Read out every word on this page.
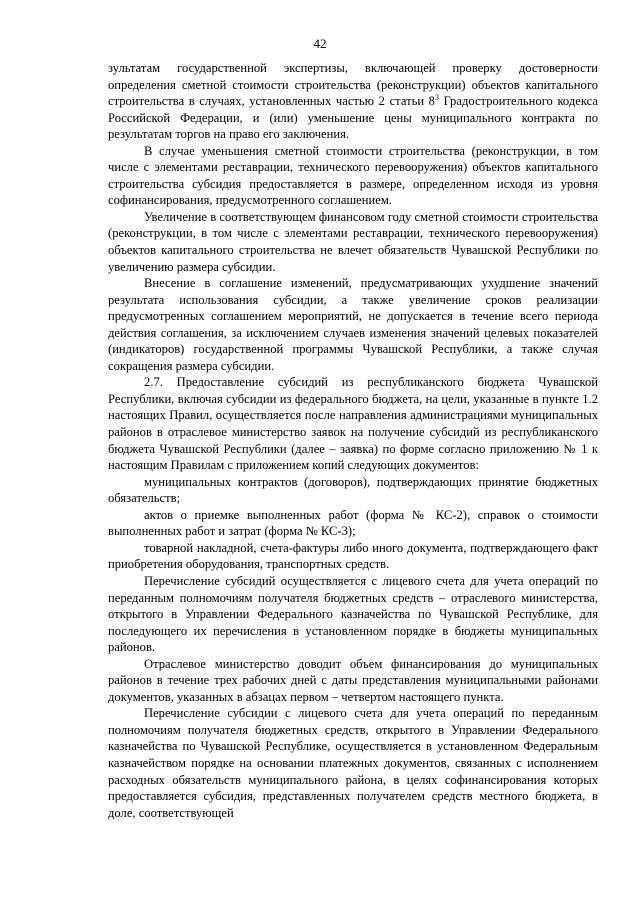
42

зультатам государственной экспертизы, включающей проверку достоверности определения сметной стоимости строительства (реконструкции) объектов капитального строительства в случаях, установленных частью 2 статьи $8^3$ Градостроительного кодекса Российской Федерации, и (или) уменьшение цены муниципального контракта по результатам торгов на право его заключения.

В случае уменьшения сметной стоимости строительства (реконструкции, в том числе с элементами реставрации, технического перевооружения) объектов капитального строительства субсидия предоставляется в размере, определенном исходя из уровня софинансирования, предусмотренного соглашением.

Увеличение в соответствующем финансовом году сметной стоимости строительства (реконструкции, в том числе с элементами реставрации, технического перевооружения) объектов капитального строительства не влечет обязательств Чувашской Республики по увеличению размера субсидии.

Внесение в соглашение изменений, предусматривающих ухудшение значений результата использования субсидии, а также увеличение сроков реализации предусмотренных соглашением мероприятий, не допускается в течение всего периода действия соглашения, за исключением случаев изменения значений целевых показателей (индикаторов) государственной программы Чувашской Республики, а также случая сокращения размера субсидии.

2.7. Предоставление субсидий из республиканского бюджета Чувашской Республики, включая субсидии из федерального бюджета, на цели, указанные в пункте 1.2 настоящих Правил, осуществляется после направления администрациями муниципальных районов в отраслевое министерство заявок на получение субсидий из республиканского бюджета Чувашской Республики (далее – заявка) по форме согласно приложению № 1 к настоящим Правилам с приложением копий следующих документов:

муниципальных контрактов (договоров), подтверждающих принятие бюджетных обязательств;

актов о приемке выполненных работ (форма № КС-2), справок о стоимости выполненных работ и затрат (форма № КС-3);

товарной накладной, счета-фактуры либо иного документа, подтверждающего факт приобретения оборудования, транспортных средств.

Перечисление субсидий осуществляется с лицевого счета для учета операций по переданным полномочиям получателя бюджетных средств – отраслевого министерства, открытого в Управлении Федерального казначейства по Чувашской Республике, для последующего их перечисления в установленном порядке в бюджеты муниципальных районов.

Отраслевое министерство доводит объем финансирования до муниципальных районов в течение трех рабочих дней с даты представления муниципальными районами документов, указанных в абзацах первом – четвертом настоящего пункта.

Перечисление субсидии с лицевого счета для учета операций по переданным полномочиям получателя бюджетных средств, открытого в Управлении Федерального казначейства по Чувашской Республике, осуществляется в установленном Федеральным казначейством порядке на основании платежных документов, связанных с исполнением расходных обязательств муниципального района, в целях софинансирования которых предоставляется субсидия, представленных получателем средств местного бюджета, в доле, соответствующей
